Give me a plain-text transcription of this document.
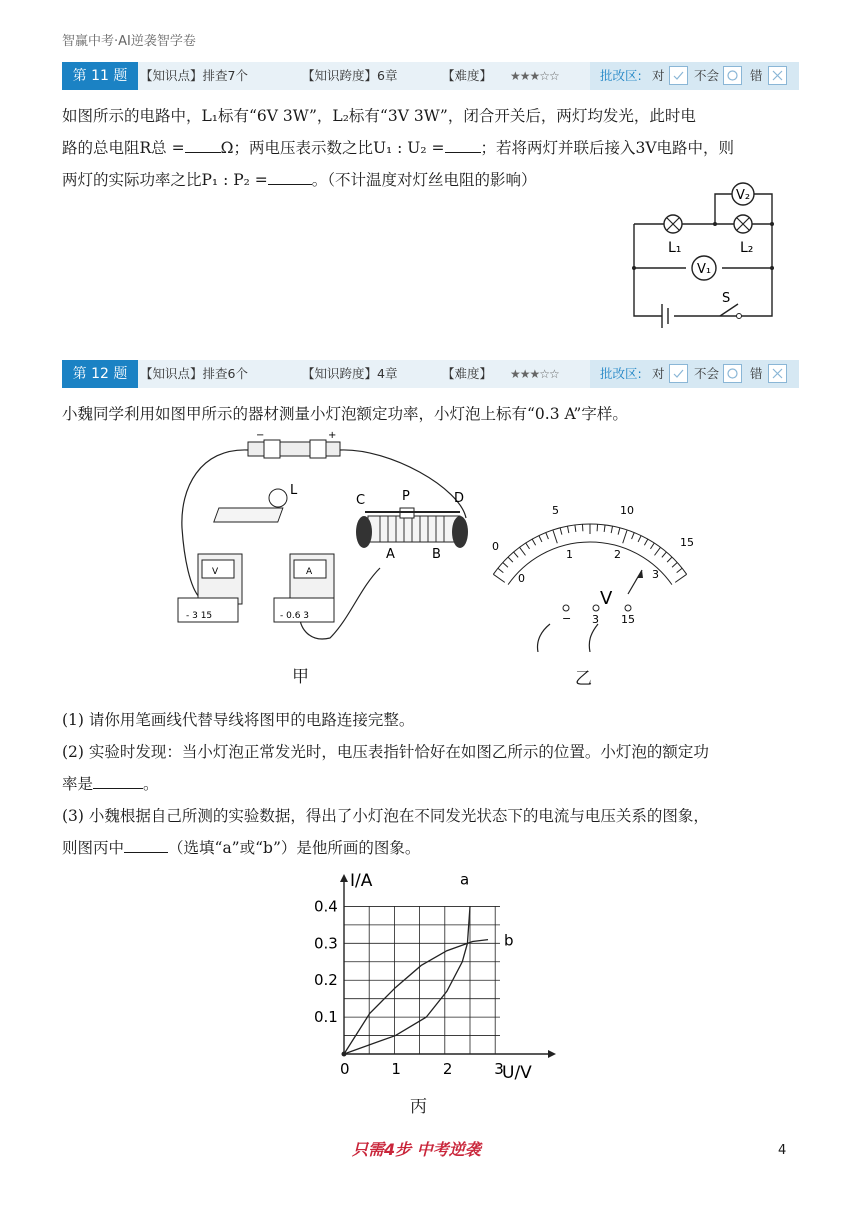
智赢中考·AI逆袭智学卷
第 11 题	【知识点】排查7个	【知识跨度】6章	【难度】 ★★★☆☆	批改区: 对 不会 错
如图所示的电路中，L₁标有“6V 3W”，L₂标有“3V 3W”，闭合开关后，两灯均发光，此时电
路的总电阻R总 = Ω；两电压表示数之比U₁ : U₂ = ；若将两灯并联后接入3V电路中，则
两灯的实际功率之比P₁ : P₂ =	。（不计温度对灯丝电阻的影响）
V₂
V₁
L₁	L₂
S
第 12 题	【知识点】排查6个	【知识跨度】4章	【难度】 ★★★☆☆	批改区: 对 不会 错
小魏同学利用如图甲所示的器材测量小灯泡额定功率，小灯泡上标有“0.3 A”字样。
−	+
L
C	P	D
A	B
V
- 3 15
A
- 0.6 3
V
− 3 15
0
5	10
15
0
1	2
3
甲	乙
(1) 请你用笔画线代替导线将图甲的电路连接完整。
(2) 实验时发现：当小灯泡正常发光时，电压表指针恰好在如图乙所示的位置。小灯泡的额定功
率是	。
(3) 小魏根据自己所测的实验数据，得出了小灯泡在不同发光状态下的电流与电压关系的图象，
则图丙中	（选填“a”或“b”）是他所画的图象。
a
b
0	1	2	3
0.1
0.2
0.3
0.4
I/A
U/V
丙
只需4步 中考逆袭	4
